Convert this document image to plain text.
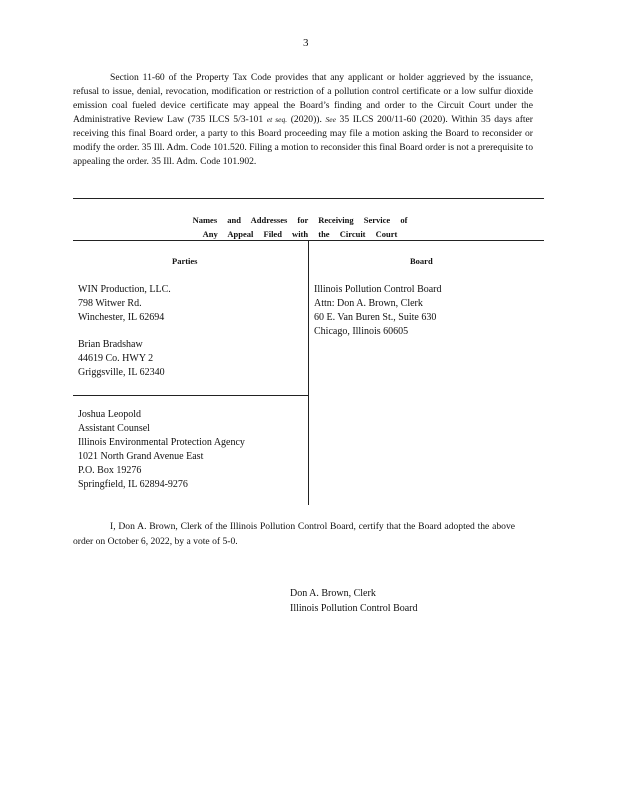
3

Section 11-60 of the Property Tax Code provides that any applicant or holder aggrieved by the issuance, refusal to issue, denial, revocation, modification or restriction of a pollution control certificate or a low sulfur dioxide emission coal fueled device certificate may appeal the Board’s finding and order to the Circuit Court under the Administrative Review Law (735 ILCS 5/3-101 et seq. (2020)). See 35 ILCS 200/11-60 (2020). Within 35 days after receiving this final Board order, a party to this Board proceeding may file a motion asking the Board to reconsider or modify the order. 35 Ill. Adm. Code 101.520. Filing a motion to reconsider this final Board order is not a prerequisite to appealing the order. 35 Ill. Adm. Code 101.902.

Names and Addresses for Receiving Service of
Any Appeal Filed with the Circuit Court
Parties	Board
WIN Production, LLC.
798 Witwer Rd.
Winchester, IL 62694
Brian Bradshaw
44619 Co. HWY 2
Griggsville, IL 62340
Joshua Leopold
Assistant Counsel
Illinois Environmental Protection Agency
1021 North Grand Avenue East
P.O. Box 19276
Springfield, IL 62894-9276
Illinois Pollution Control Board
Attn: Don A. Brown, Clerk
60 E. Van Buren St., Suite 630
Chicago, Illinois 60605

I, Don A. Brown, Clerk of the Illinois Pollution Control Board, certify that the Board adopted the above order on October 6, 2022, by a vote of 5-0.

Don A. Brown, Clerk
Illinois Pollution Control Board
